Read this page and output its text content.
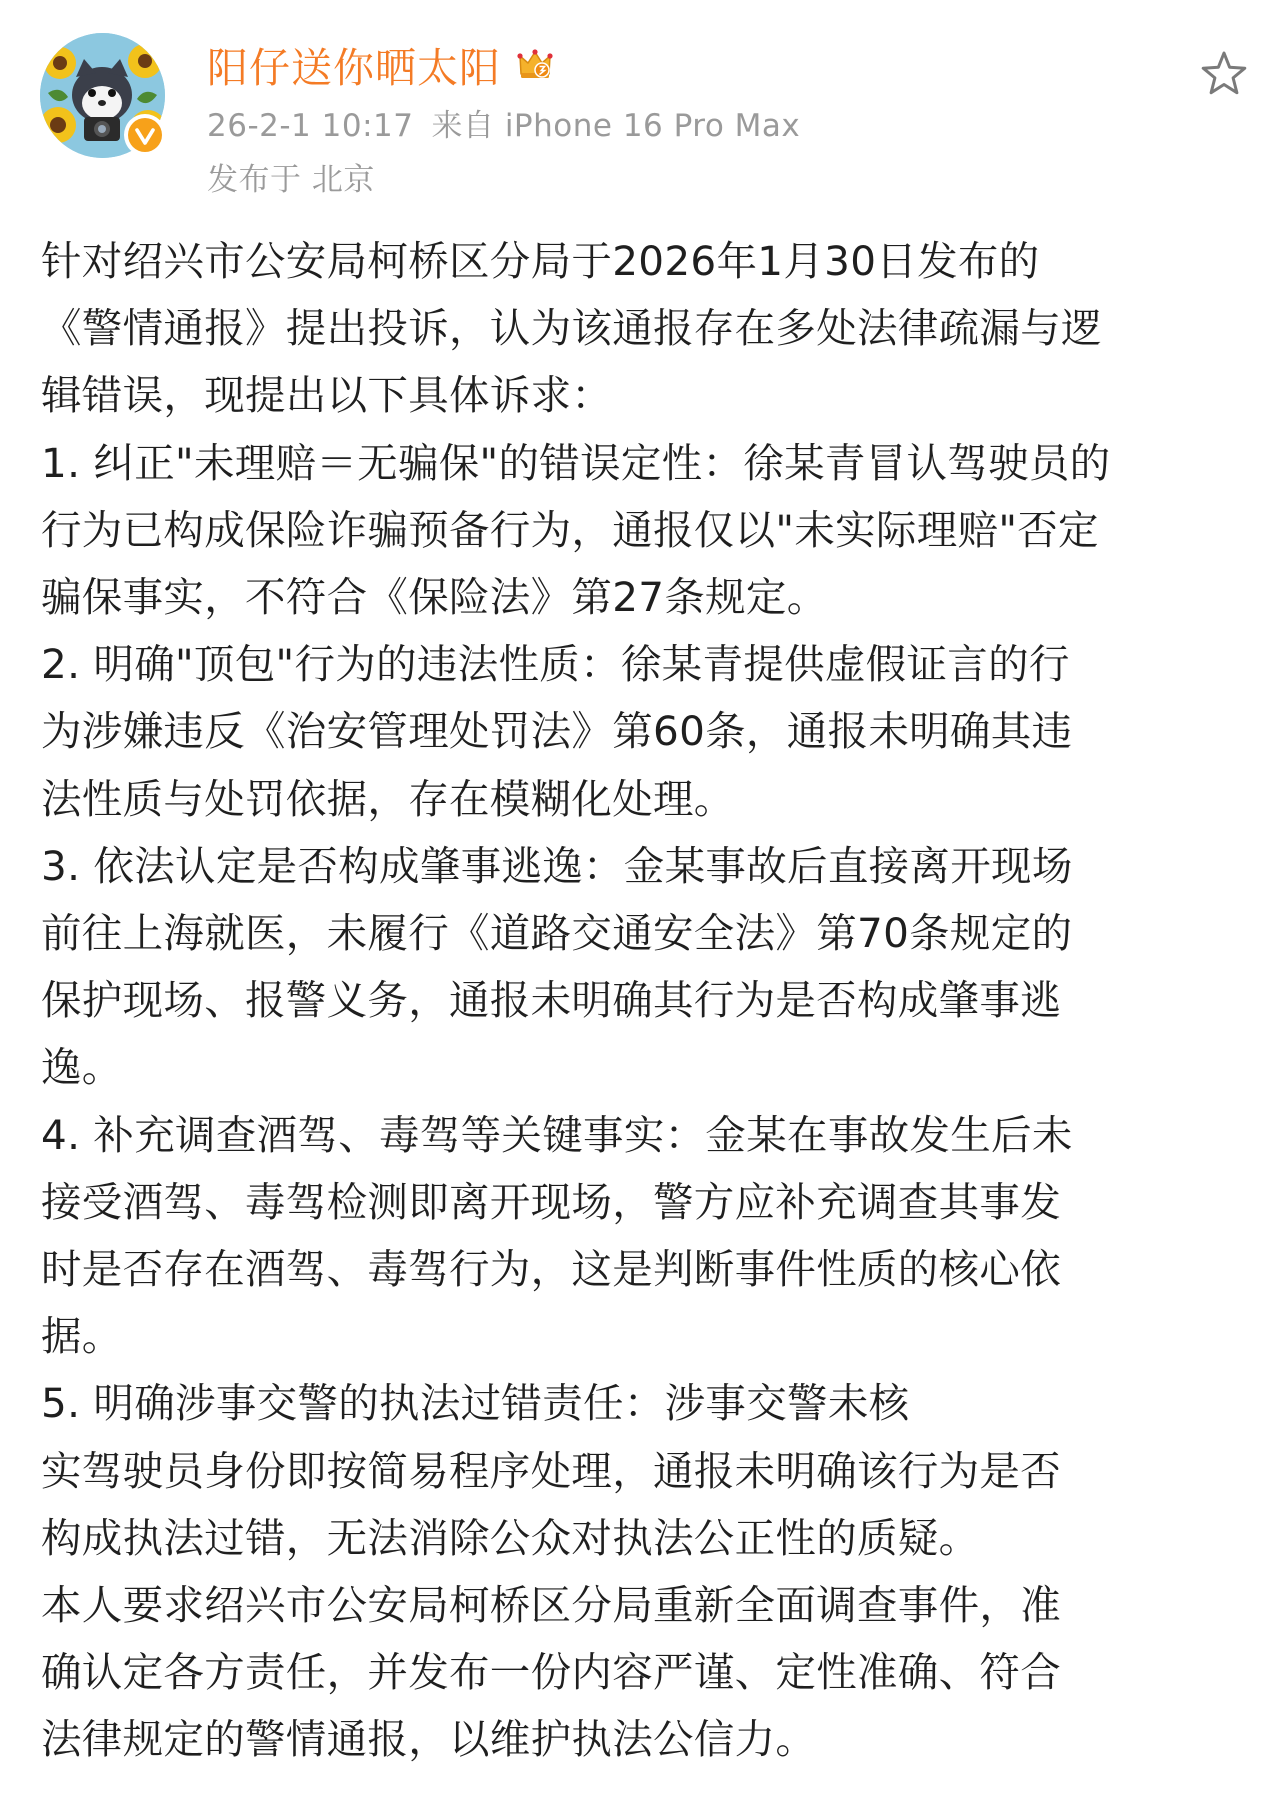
阳仔送你晒太阳
26-2-1 10:17 来自 iPhone 16 Pro Max
发布于 北京

针对绍兴市公安局柯桥区分局于2026年1月30日发布的

《警情通报》提出投诉，认为该通报存在多处法律疏漏与逻

辑错误，现提出以下具体诉求：

1. 纠正"未理赔＝无骗保"的错误定性：徐某青冒认驾驶员的

行为已构成保险诈骗预备行为，通报仅以"未实际理赔"否定

骗保事实，不符合《保险法》第27条规定。

2. 明确"顶包"行为的违法性质：徐某青提供虚假证言的行

为涉嫌违反《治安管理处罚法》第60条，通报未明确其违

法性质与处罚依据，存在模糊化处理。

3. 依法认定是否构成肇事逃逸：金某事故后直接离开现场

前往上海就医，未履行《道路交通安全法》第70条规定的

保护现场、报警义务，通报未明确其行为是否构成肇事逃

逸。

4. 补充调查酒驾、毒驾等关键事实：金某在事故发生后未

接受酒驾、毒驾检测即离开现场，警方应补充调查其事发

时是否存在酒驾、毒驾行为，这是判断事件性质的核心依

据。

5. 明确涉事交警的执法过错责任：涉事交警未核

实驾驶员身份即按简易程序处理，通报未明确该行为是否

构成执法过错，无法消除公众对执法公正性的质疑。

本人要求绍兴市公安局柯桥区分局重新全面调查事件，准

确认定各方责任，并发布一份内容严谨、定性准确、符合

法律规定的警情通报，以维护执法公信力。
